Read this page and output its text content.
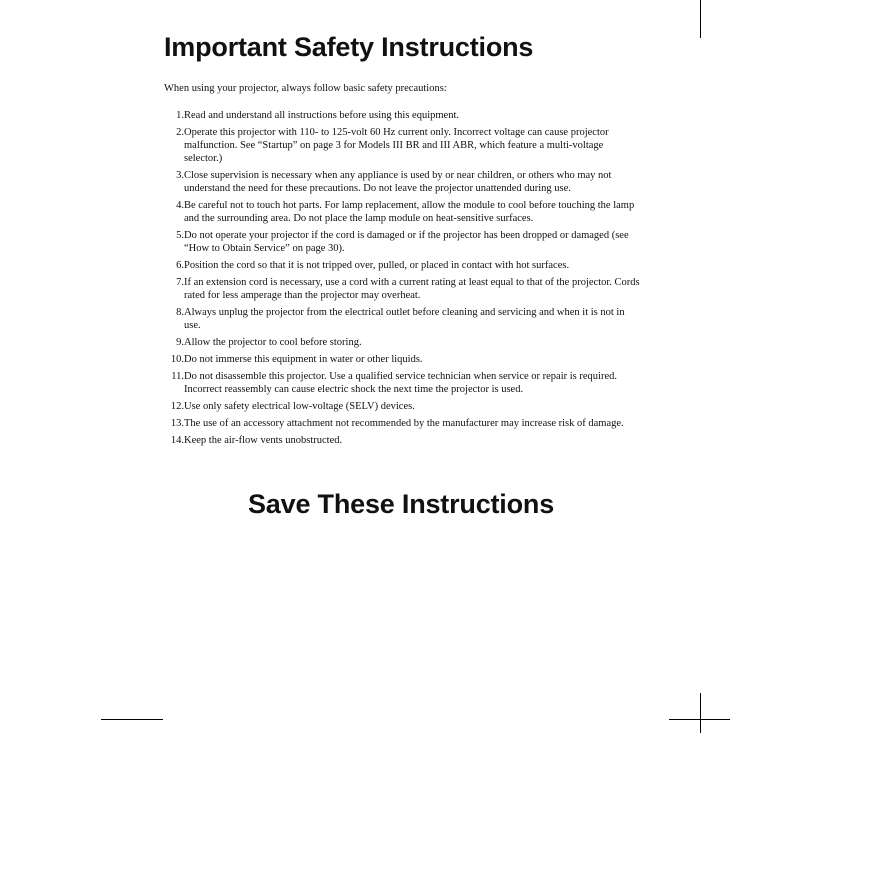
Important Safety Instructions

When using your projector, always follow basic safety precautions:

1. Read and understand all instructions before using this equipment.
2. Operate this projector with 110- to 125-volt 60 Hz current only. Incorrect voltage can cause projector malfunction. See “Startup” on page 3 for Models III BR and III ABR, which feature a multi-voltage selector.)
3. Close supervision is necessary when any appliance is used by or near children, or others who may not understand the need for these precautions. Do not leave the projector unattended during use.
4. Be careful not to touch hot parts. For lamp replacement, allow the module to cool before touching the lamp and the surrounding area. Do not place the lamp module on heat-sensitive surfaces.
5. Do not operate your projector if the cord is damaged or if the projector has been dropped or damaged (see “How to Obtain Service” on page 30).
6. Position the cord so that it is not tripped over, pulled, or placed in contact with hot surfaces.
7. If an extension cord is necessary, use a cord with a current rating at least equal to that of the projector. Cords rated for less amperage than the projector may overheat.
8. Always unplug the projector from the electrical outlet before cleaning and servicing and when it is not in use.
9. Allow the projector to cool before storing.
10. Do not immerse this equipment in water or other liquids.
11. Do not disassemble this projector. Use a qualified service technician when service or repair is required. Incorrect reassembly can cause electric shock the next time the projector is used.
12. Use only safety electrical low-voltage (SELV) devices.
13. The use of an accessory attachment not recommended by the manufacturer may increase risk of damage.
14. Keep the air-flow vents unobstructed.
Save These Instructions
